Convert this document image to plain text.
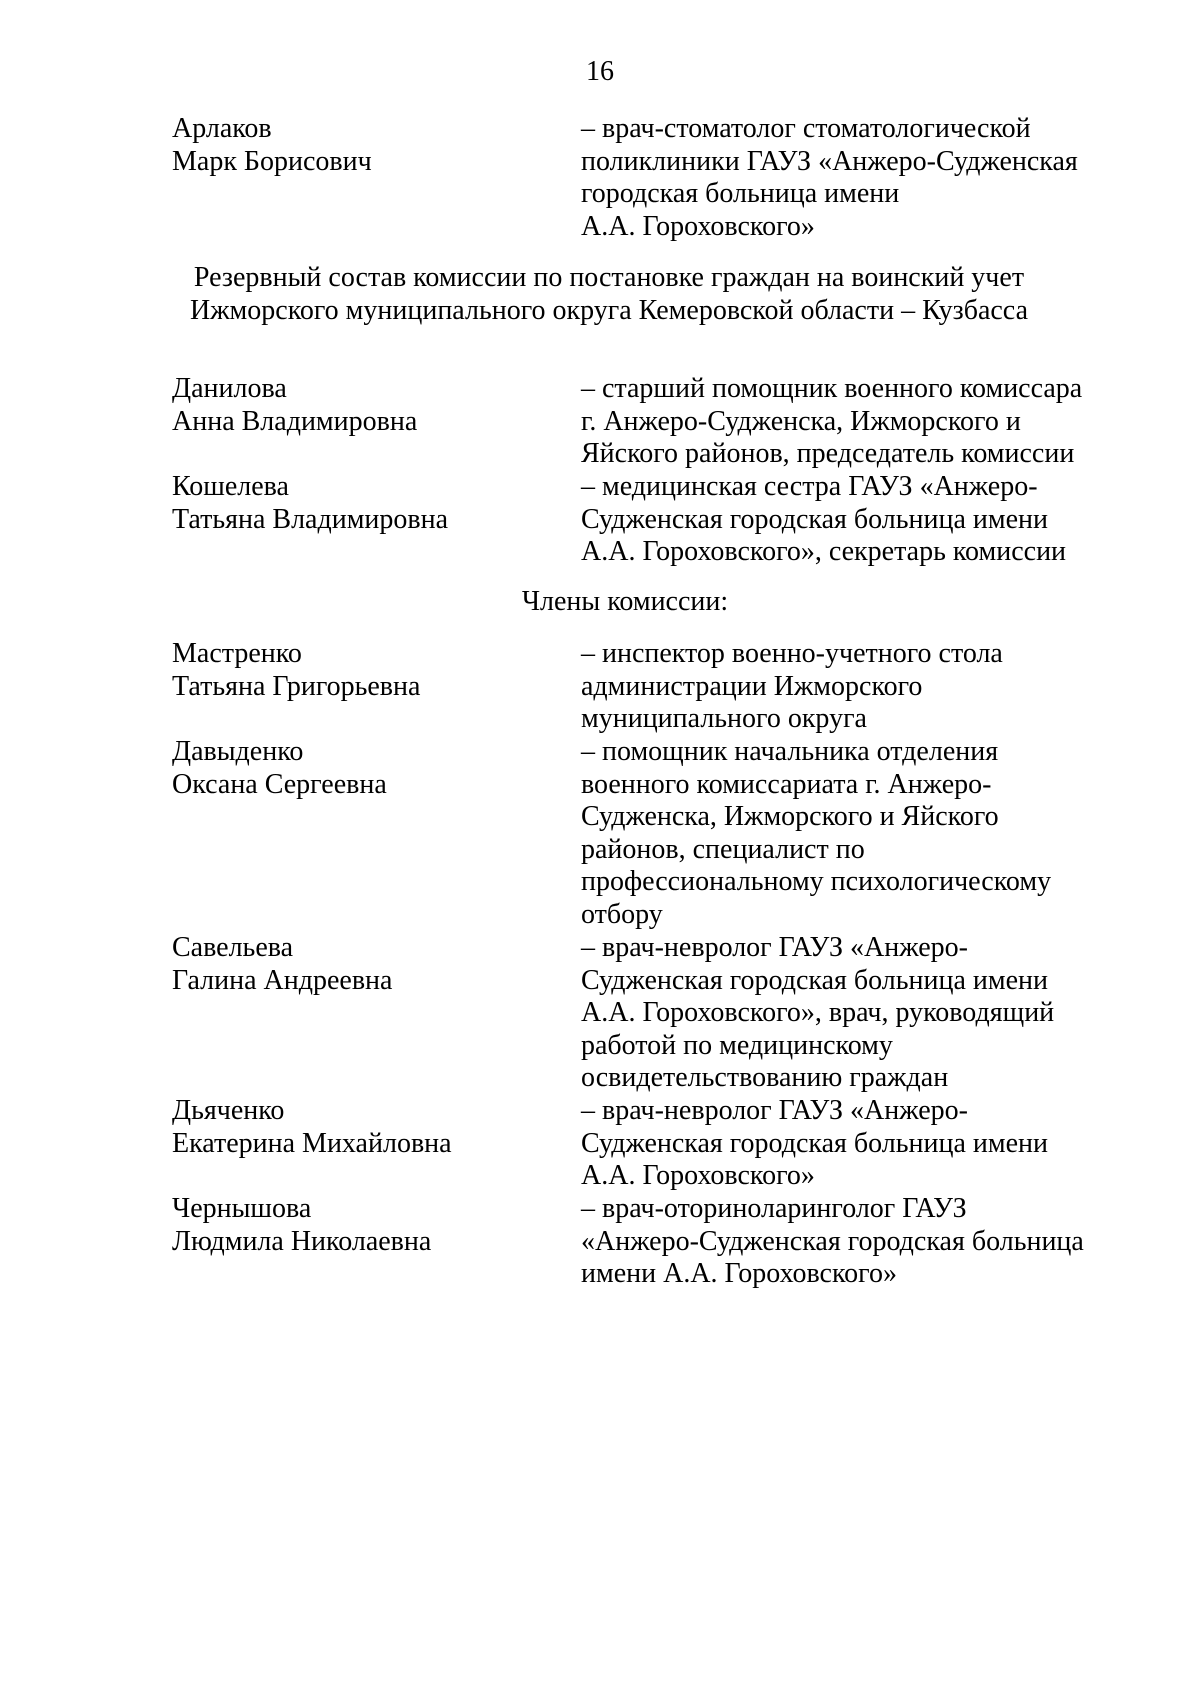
16
Арлаков
Марк Борисович
– врач-стоматолог стоматологической
поликлиники ГАУЗ «Анжеро-Судженская
городская больница имени
А.А. Гороховского»
Резервный состав комиссии по постановке граждан на воинский учет
Ижморского муниципального округа Кемеровской области – Кузбасса
Данилова
Анна Владимировна
– старший помощник военного комиссара
г. Анжеро-Судженска, Ижморского и
Яйского районов, председатель комиссии
Кошелева
Татьяна Владимировна
– медицинская сестра ГАУЗ «Анжеро-
Судженская городская больница имени
А.А. Гороховского», секретарь комиссии
Члены комиссии:
Мастренко
Татьяна Григорьевна
– инспектор военно-учетного стола
администрации Ижморского
муниципального округа
Давыденко
Оксана Сергеевна
– помощник начальника отделения
военного комиссариата г. Анжеро-
Судженска, Ижморского и Яйского
районов, специалист по
профессиональному психологическому
отбору
Савельева
Галина Андреевна
– врач-невролог ГАУЗ «Анжеро-
Судженская городская больница имени
А.А. Гороховского», врач, руководящий
работой по медицинскому
освидетельствованию граждан
Дьяченко
Екатерина Михайловна
– врач-невролог ГАУЗ «Анжеро-
Судженская городская больница имени
А.А. Гороховского»
Чернышова
Людмила Николаевна
– врач-оториноларинголог ГАУЗ
«Анжеро-Судженская городская больница
имени А.А. Гороховского»
